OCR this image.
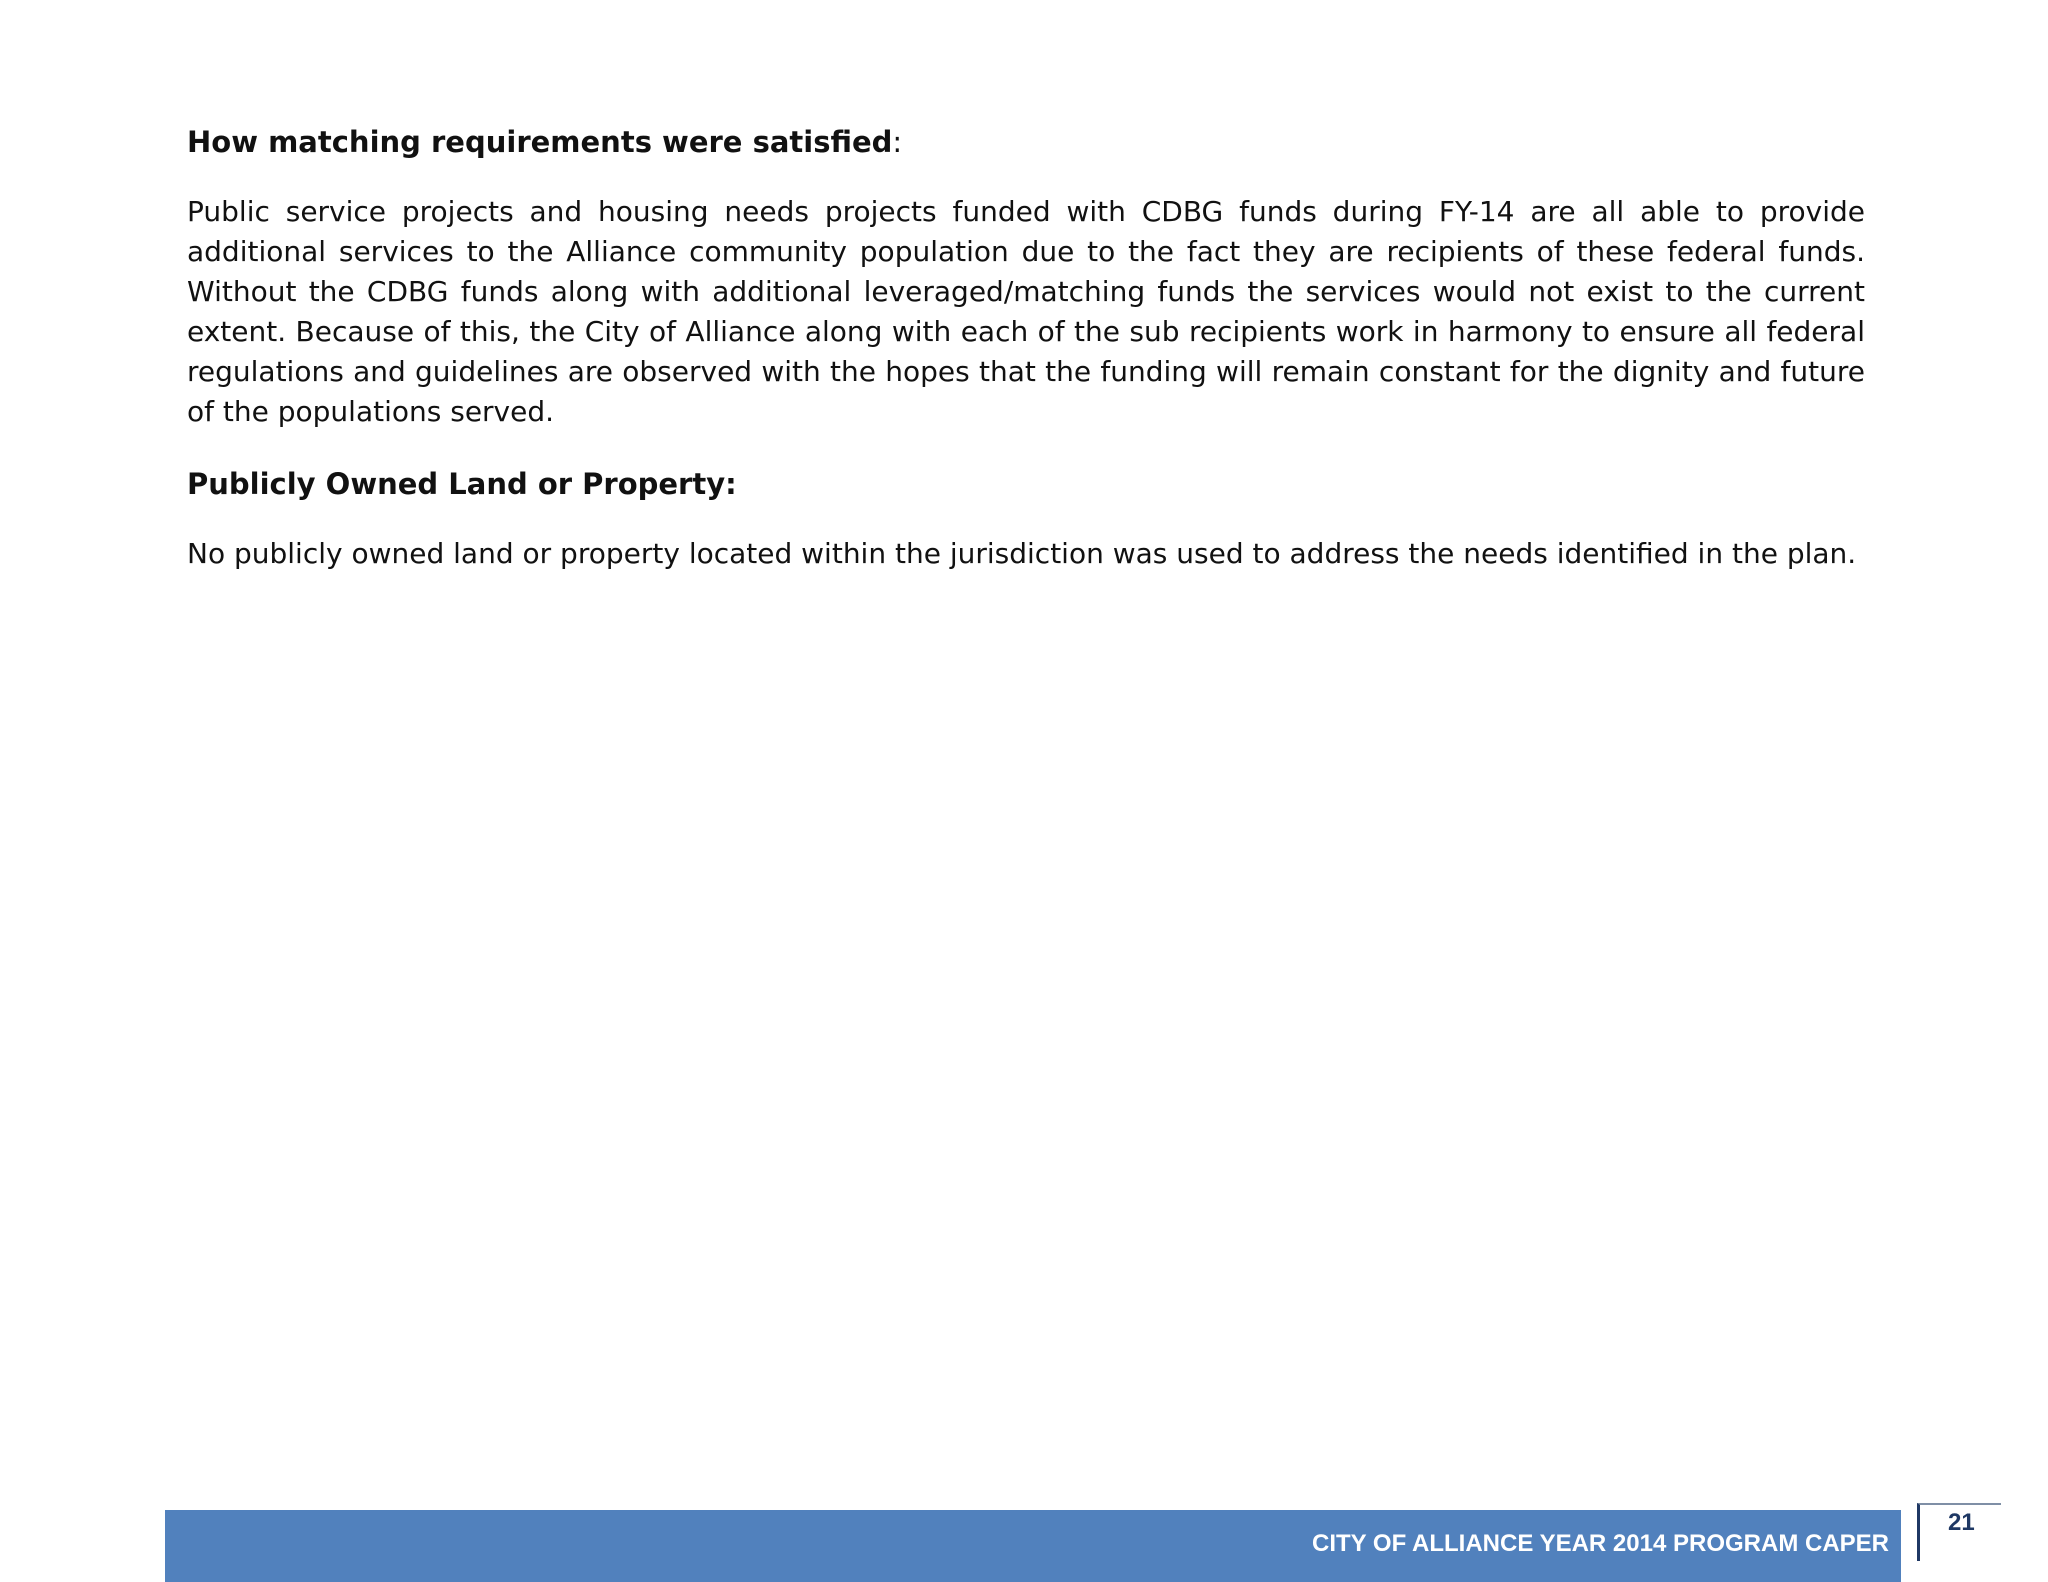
How matching requirements were satisfied:

Public service projects and housing needs projects funded with CDBG funds during FY-14 are all able to provide additional services to the Alliance community population due to the fact they are recipients of these federal funds. Without the CDBG funds along with additional leveraged/matching funds the services would not exist to the current extent. Because of this, the City of Alliance along with each of the sub recipients work in harmony to ensure all federal regulations and guidelines are observed with the hopes that the funding will remain constant for the dignity and future of the populations served.

Publicly Owned Land or Property:

No publicly owned land or property located within the jurisdiction was used to address the needs identified in the plan.

CITY OF ALLIANCE YEAR 2014 PROGRAM CAPER
21
